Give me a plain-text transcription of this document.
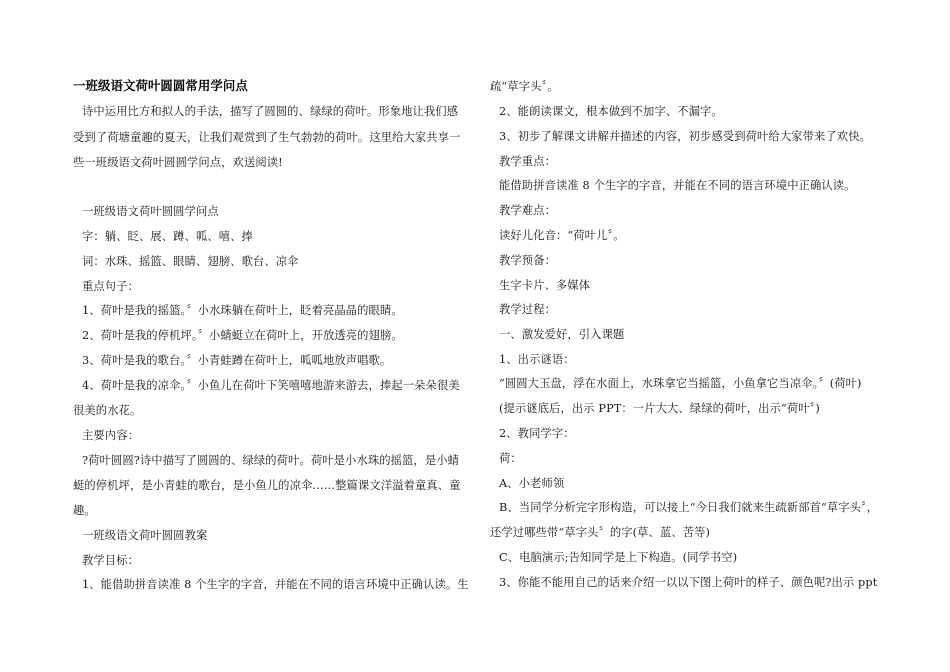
一班级语文荷叶圆圆常用学问点
诗中运用比方和拟人的手法，描写了圆圆的、绿绿的荷叶。形象地让我们感
受到了荷塘童趣的夏天，让我们观赏到了生气勃勃的荷叶。这里给大家共享一
些一班级语文荷叶圆圆学问点，欢送阅读!
一班级语文荷叶圆圆学问点
字：躺、眨、展、蹲、呱、嘻、捧
词：水珠、摇篮、眼睛、翅膀、歌台、凉伞
重点句子：
1、荷叶是我的摇篮。〞小水珠躺在荷叶上，眨着亮晶晶的眼睛。
2、荷叶是我的停机坪。〞小蜻蜓立在荷叶上，开放透亮的翅膀。
3、荷叶是我的歌台。〞小青蛙蹲在荷叶上，呱呱地放声唱歌。
4、荷叶是我的凉伞。〞小鱼儿在荷叶下笑嘻嘻地游来游去，捧起一朵朵很美
很美的水花。
主要内容：
?荷叶圆圆?诗中描写了圆圆的、绿绿的荷叶。荷叶是小水珠的摇篮，是小蜻
蜓的停机坪，是小青蛙的歌台，是小鱼儿的凉伞……整篇课文洋溢着童真、童
趣。
一班级语文荷叶圆圆教案
教学目标：
1、能借助拼音读准 8 个生字的字音，并能在不同的语言环境中正确认读。生
疏“草字头〞。
2、能朗读课文，根本做到不加字、不漏字。
3、初步了解课文讲解并描述的内容，初步感受到荷叶给大家带来了欢快。
教学重点：
能借助拼音读准 8 个生字的字音，并能在不同的语言环境中正确认读。
教学难点：
读好儿化音：“荷叶儿〞。
教学预备：
生字卡片、多媒体
教学过程：
一、激发爱好，引入课题
1、出示谜语：
“圆圆大玉盘，浮在水面上，水珠拿它当摇篮，小鱼拿它当凉伞。〞(荷叶)
(提示谜底后，出示 PPT：一片大大、绿绿的荷叶，出示“荷叶〞)
2、教同学字：
荷：
A、小老师领
B、当同学分析完字形构造，可以接上“今日我们就来生疏新部首“草字头〞，
还学过哪些带“草字头〞的字(草、蓝、苦等)
C、电脑演示;告知同学是上下构造。(同学书空)
3、你能不能用自己的话来介绍一以以下图上荷叶的样子、颜色呢?出示 ppt
